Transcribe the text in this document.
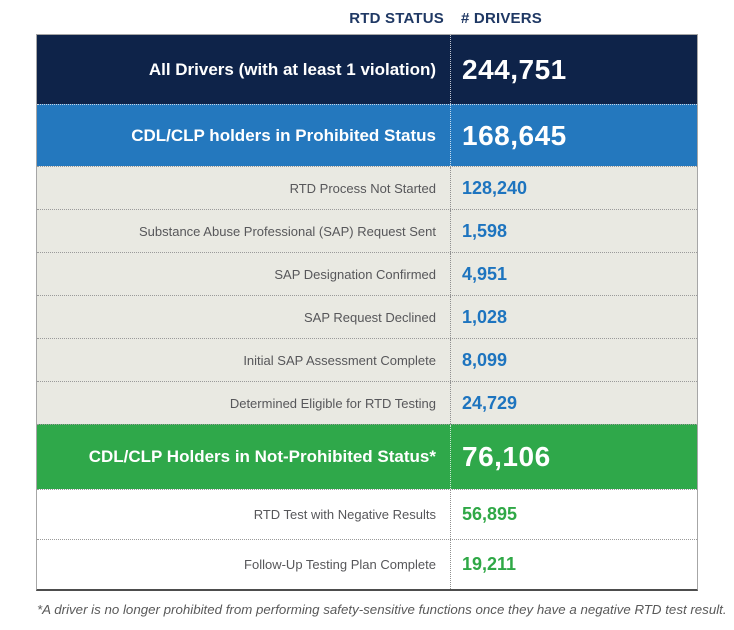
RTD STATUS	# DRIVERS
All Drivers (with at least 1 violation) 244,751
CDL/CLP holders in Prohibited Status 168,645
RTD Process Not Started	128,240
Substance Abuse Professional (SAP) Request Sent	1,598
SAP Designation Confirmed	4,951
SAP Request Declined	1,028
Initial SAP Assessment Complete	8,099
Determined Eligible for RTD Testing	24,729
CDL/CLP Holders in Not-Prohibited Status* 76,106
RTD Test with Negative Results	56,895
Follow-Up Testing Plan Complete	19,211
*A driver is no longer prohibited from performing safety-sensitive functions once they have a negative RTD test result.
